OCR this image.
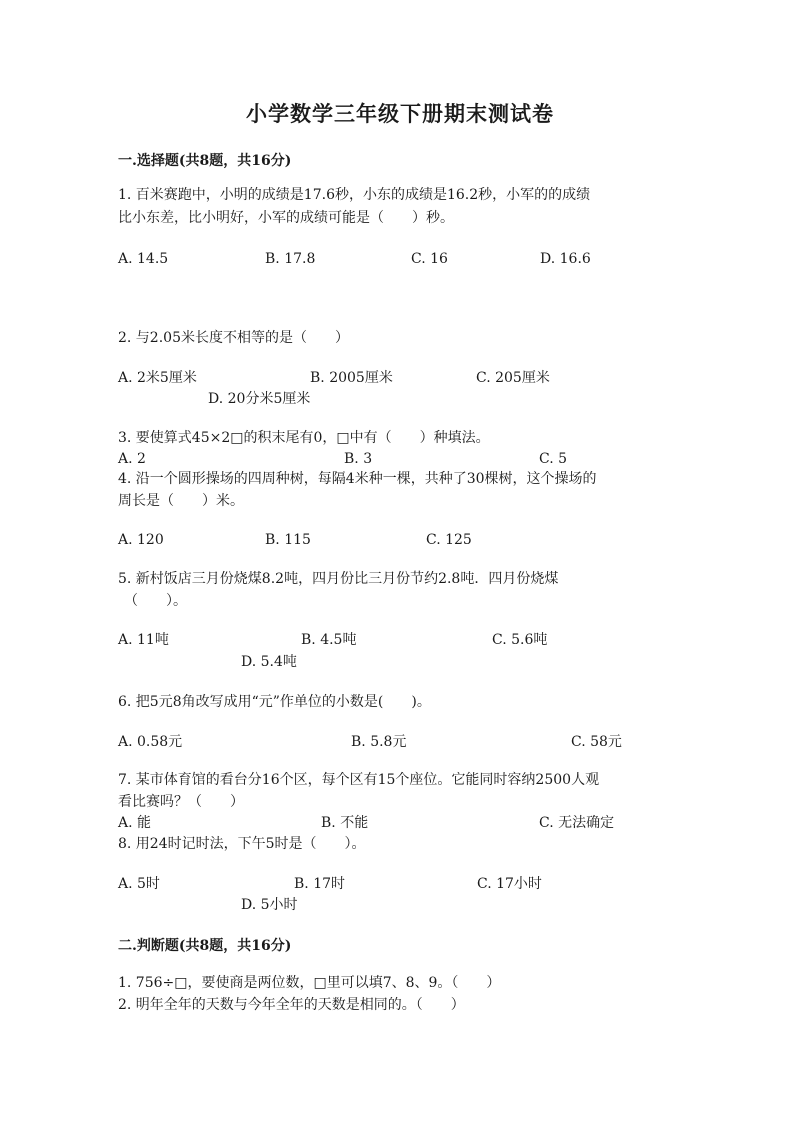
小学数学三年级下册期末测试卷
一.选择题(共8题，共16分)
1. 百米赛跑中，小明的成绩是17.6秒，小东的成绩是16.2秒，小军的的成绩
比小东差，比小明好，小军的成绩可能是（　　）秒。
A. 14.5	B. 17.8	C. 16	D. 16.6
2. 与2.05米长度不相等的是（　　）
A. 2米5厘米	B. 2005厘米	C. 205厘米
D. 20分米5厘米
3. 要使算式45×2□的积末尾有0，□中有（　　）种填法。
A. 2	B. 3	C. 5
4. 沿一个圆形操场的四周种树，每隔4米种一棵，共种了30棵树，这个操场的
周长是（　　）米。
A. 120	B. 115	C. 125
5. 新村饭店三月份烧煤8.2吨，四月份比三月份节约2.8吨．四月份烧煤
（　　）。
A. 11吨	B. 4.5吨	C. 5.6吨
D. 5.4吨
6. 把5元8角改写成用“元”作单位的小数是(　　)。
A. 0.58元	B. 5.8元	C. 58元
7. 某市体育馆的看台分16个区，每个区有15个座位。它能同时容纳2500人观
看比赛吗？（　　）
A. 能	B. 不能	C. 无法确定
8. 用24时记时法，下午5时是（　　）。
A. 5时	B. 17时	C. 17小时
D. 5小时
二.判断题(共8题，共16分)
1. 756÷□，要使商是两位数，□里可以填7、8、9。（　　）
2. 明年全年的天数与今年全年的天数是相同的。（　　）
